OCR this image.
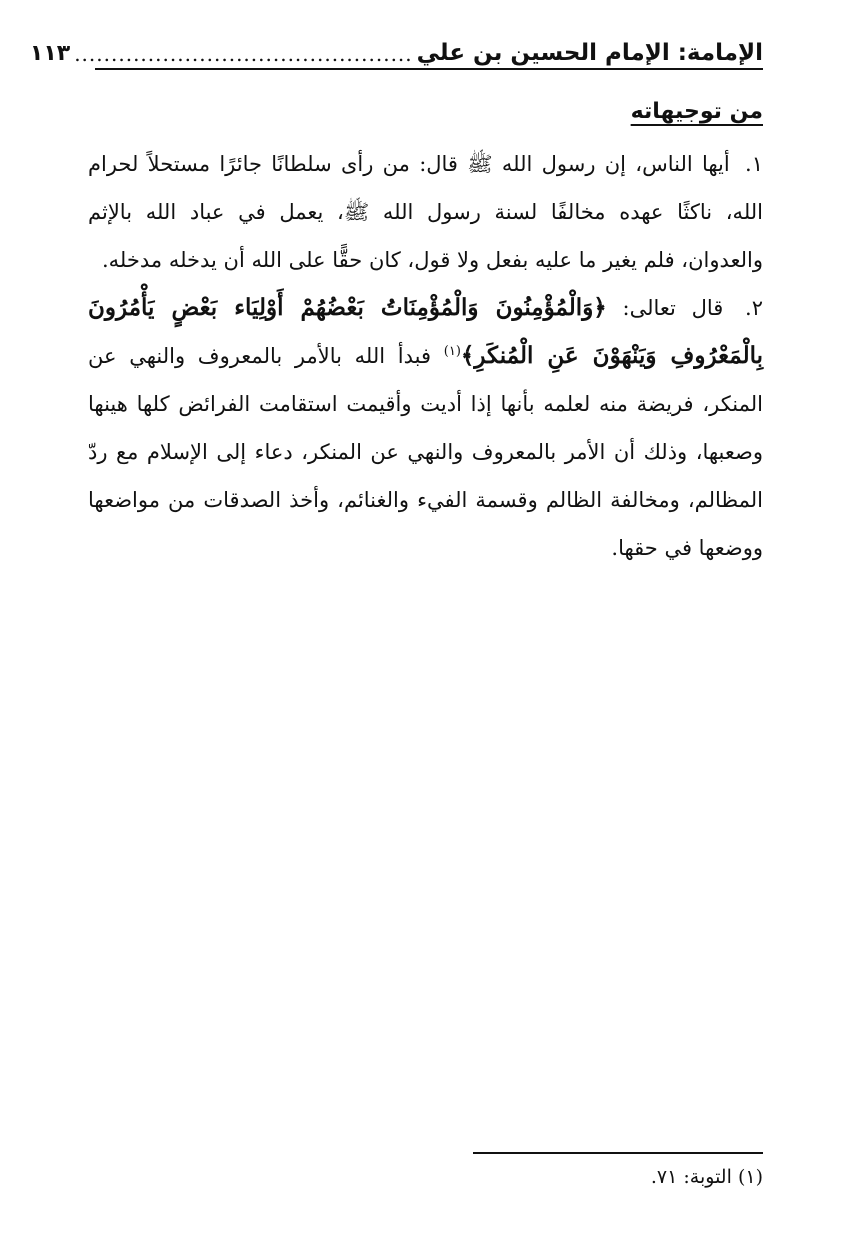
الإمامة: الإمام الحسين بن علي
..............................................
١١٣
من توجيهاته

١. أيها الناس، إن رسول الله ﷺ قال: من رأى سلطانًا جائرًا مستحلاً لحرام الله، ناكثًا عهده مخالفًا لسنة رسول الله ﷺ، يعمل في عباد الله بالإثم والعدوان، فلم يغير ما عليه بفعل ولا قول، كان حقًّا على الله أن يدخله مدخله.

٢. قال تعالى: ﴿وَالْمُؤْمِنُونَ وَالْمُؤْمِنَاتُ بَعْضُهُمْ أَوْلِيَاء بَعْضٍ يَأْمُرُونَ بِالْمَعْرُوفِ وَيَنْهَوْنَ عَنِ الْمُنكَرِ﴾$^{(١)}$ فبدأ الله بالأمر بالمعروف والنهي عن المنكر، فريضة منه لعلمه بأنها إذا أديت وأقيمت استقامت الفرائض كلها هينها وصعبها، وذلك أن الأمر بالمعروف والنهي عن المنكر، دعاء إلى الإسلام مع ردّ المظالم، ومخالفة الظالم وقسمة الفيء والغنائم، وأخذ الصدقات من مواضعها ووضعها في حقها.

(١) التوبة: ٧١.
